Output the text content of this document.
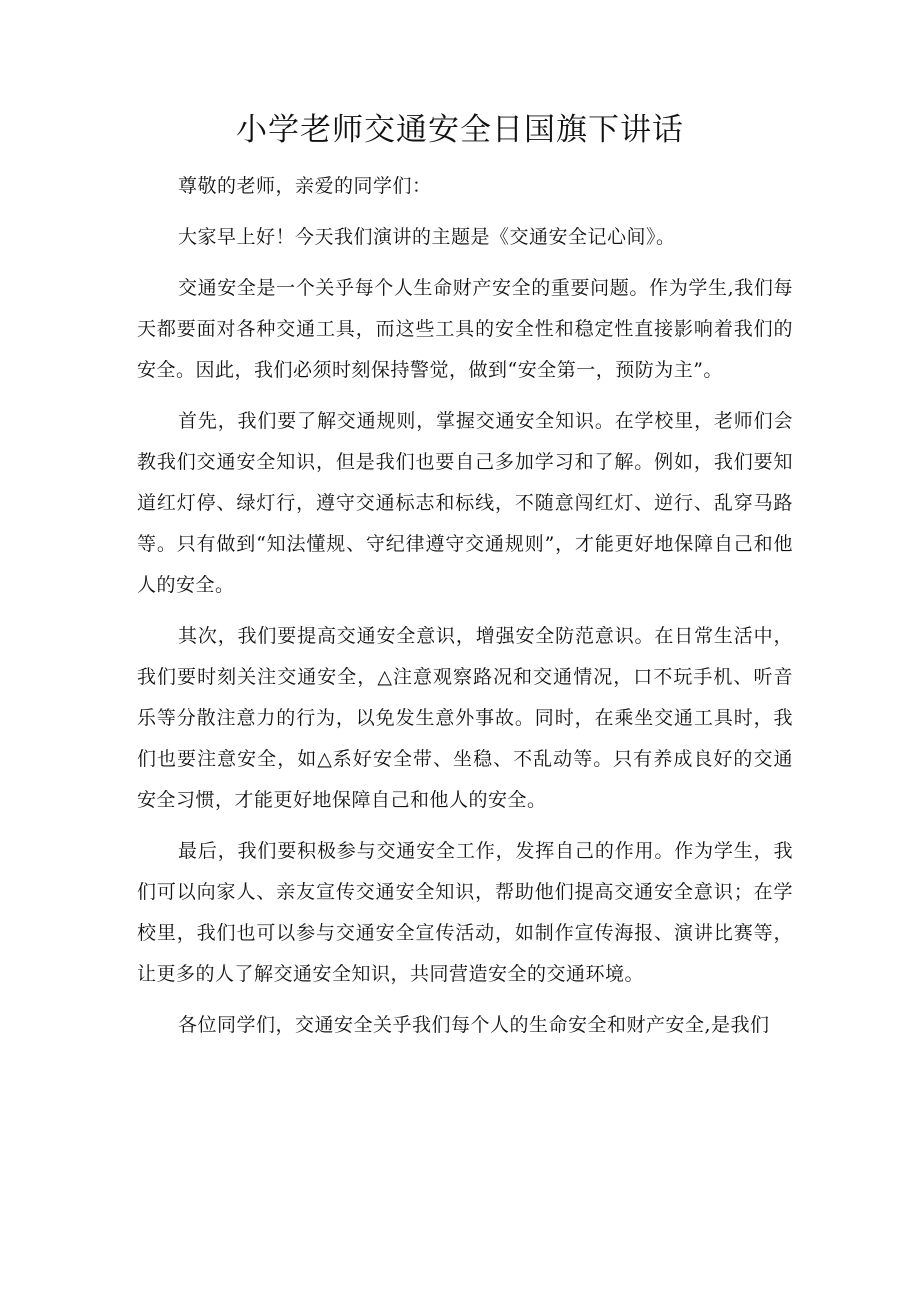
小学老师交通安全日国旗下讲话

尊敬的老师，亲爱的同学们：

大家早上好！今天我们演讲的主题是《交通安全记心间》。

交通安全是一个关乎每个人生命财产安全的重要问题。作为学生,我们每天都要面对各种交通工具，而这些工具的安全性和稳定性直接影响着我们的安全。因此，我们必须时刻保持警觉，做到“安全第一，预防为主”。

首先，我们要了解交通规则，掌握交通安全知识。在学校里，老师们会教我们交通安全知识，但是我们也要自己多加学习和了解。例如，我们要知道红灯停、绿灯行，遵守交通标志和标线，不随意闯红灯、逆行、乱穿马路等。只有做到“知法懂规、守纪律遵守交通规则”，才能更好地保障自己和他人的安全。

其次，我们要提高交通安全意识，增强安全防范意识。在日常生活中，我们要时刻关注交通安全，△注意观察路况和交通情况，口不玩手机、听音乐等分散注意力的行为，以免发生意外事故。同时，在乘坐交通工具时，我们也要注意安全，如△系好安全带、坐稳、不乱动等。只有养成良好的交通安全习惯，才能更好地保障自己和他人的安全。

最后，我们要积极参与交通安全工作，发挥自己的作用。作为学生，我们可以向家人、亲友宣传交通安全知识，帮助他们提高交通安全意识；在学校里，我们也可以参与交通安全宣传活动，如制作宣传海报、演讲比赛等，让更多的人了解交通安全知识，共同营造安全的交通环境。

各位同学们，交通安全关乎我们每个人的生命安全和财产安全,是我们
